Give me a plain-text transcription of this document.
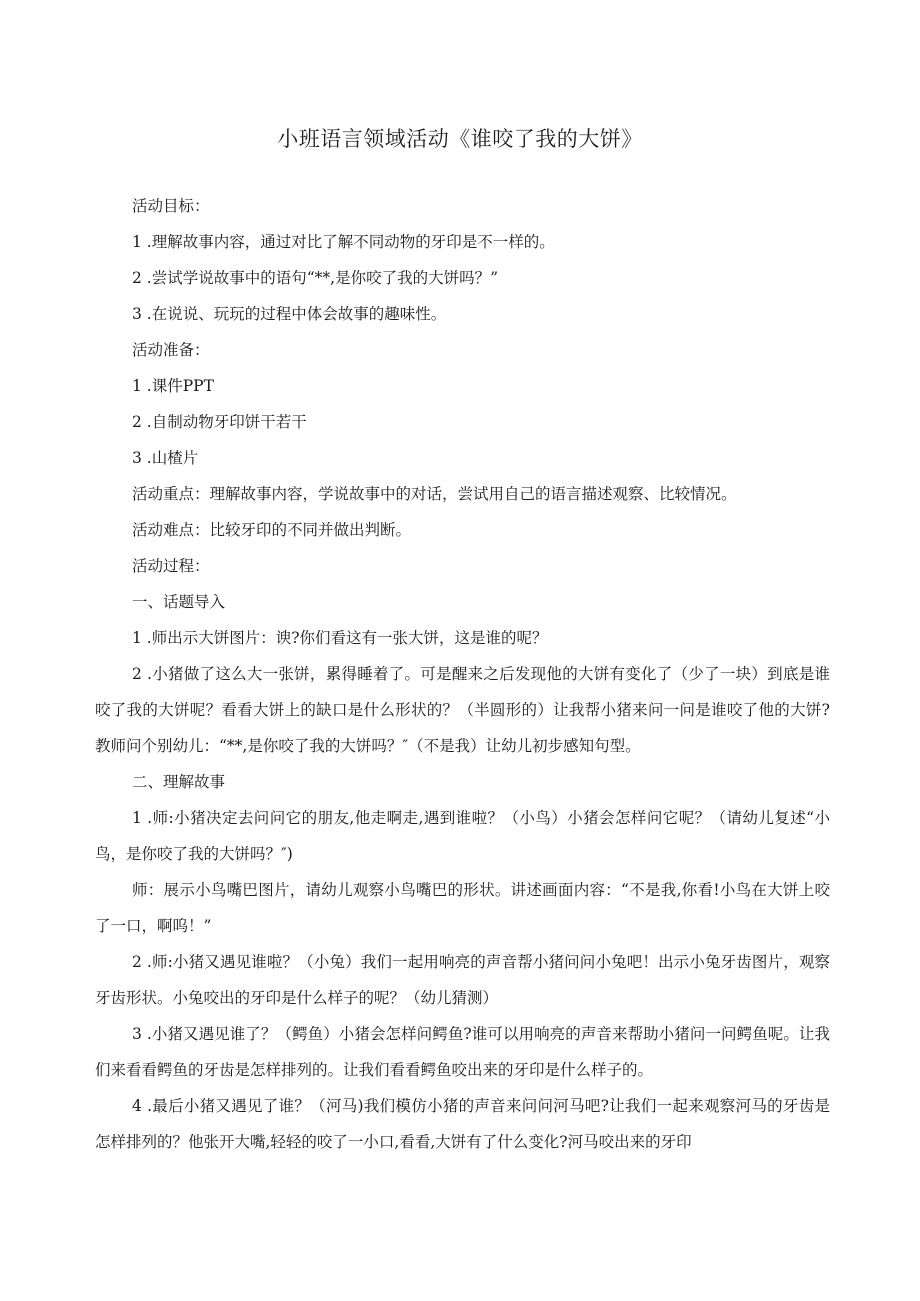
小班语言领域活动《谁咬了我的大饼》

活动目标：

1 .理解故事内容，通过对比了解不同动物的牙印是不一样的。

2 .尝试学说故事中的语句“**,是你咬了我的大饼吗？”

3 .在说说、玩玩的过程中体会故事的趣味性。

活动准备：

1 .课件PPT

2 .自制动物牙印饼干若干

3 .山楂片

活动重点：理解故事内容，学说故事中的对话，尝试用自己的语言描述观察、比较情况。

活动难点：比较牙印的不同并做出判断。

活动过程：

一、话题导入

1 .师出示大饼图片：谀?你们看这有一张大饼，这是谁的呢？

2 .小猪做了这么大一张饼，累得睡着了。可是醒来之后发现他的大饼有变化了（少了一块）到底是谁咬了我的大饼呢？看看大饼上的缺口是什么形状的？（半圆形的）让我帮小猪来问一问是谁咬了他的大饼?教师问个别幼儿：“**,是你咬了我的大饼吗？″（不是我）让幼儿初步感知句型。

二、理解故事

1 .师:小猪决定去问问它的朋友,他走啊走,遇到谁啦？（小鸟）小猪会怎样问它呢？（请幼儿复述“小鸟，是你咬了我的大饼吗？″)

师：展示小鸟嘴巴图片，请幼儿观察小鸟嘴巴的形状。讲述画面内容：“不是我,你看!小鸟在大饼上咬了一口，啊呜！”

2 .师:小猪又遇见谁啦？（小兔）我们一起用响亮的声音帮小猪问问小兔吧！出示小兔牙齿图片，观察牙齿形状。小兔咬出的牙印是什么样子的呢？（幼儿猜测）

3 .小猪又遇见谁了？（鳄鱼）小猪会怎样问鳄鱼?谁可以用响亮的声音来帮助小猪问一问鳄鱼呢。让我们来看看鳄鱼的牙齿是怎样排列的。让我们看看鳄鱼咬出来的牙印是什么样子的。

4 .最后小猪又遇见了谁？（河马)我们模仿小猪的声音来问问河马吧?让我们一起来观察河马的牙齿是怎样排列的？他张开大嘴,轻轻的咬了一小口,看看,大饼有了什么变化?河马咬出来的牙印
